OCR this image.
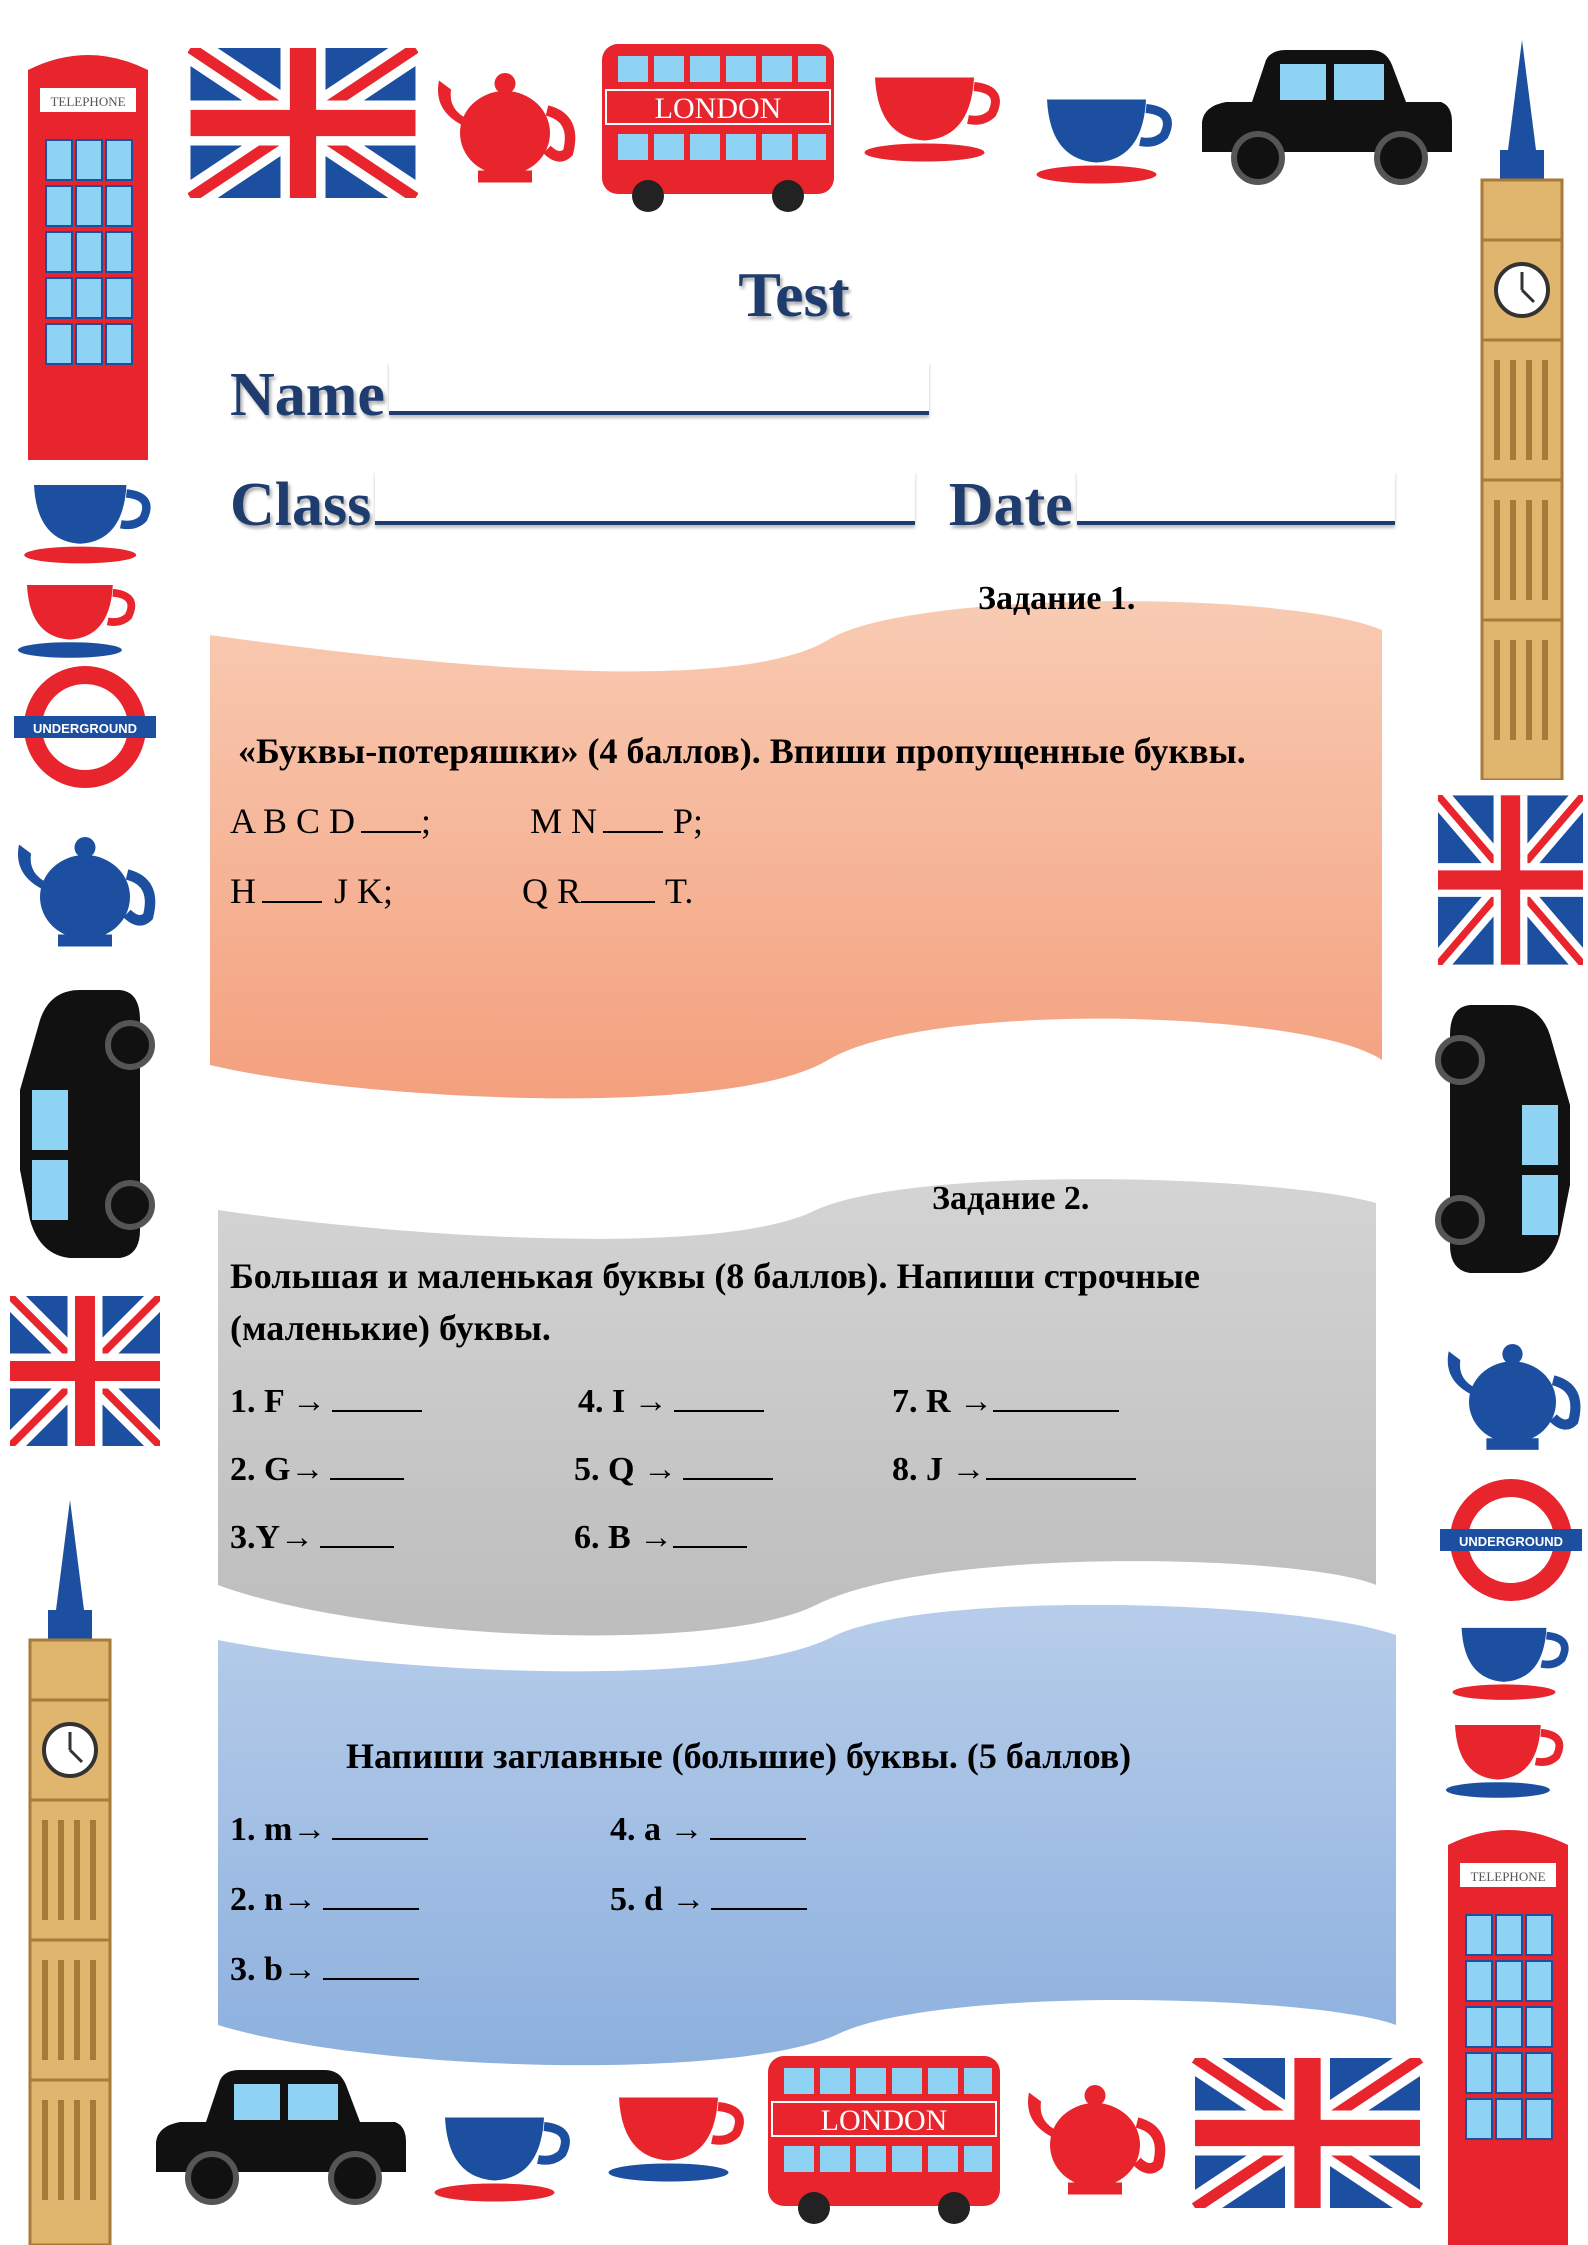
TELEPHONE	LONDON
UNDERGROUND
UNDERGROUND
TELEPHONE
LONDON
Test
Name
Class	Date
Задание 1.
«Буквы-потеряшки» (4 баллов). Впиши пропущенные буквы.
A B C D ;	M N P;
H J K;	Q R T.
Задание 2.
Большая и маленькая буквы (8 баллов). Напиши строчные
(маленькие) буквы.
1. F →	4. I →	7. R →
2. G→	5. Q →	8. J →
3.Y→	6. B →
Напиши заглавные (большие) буквы. (5 баллов)
1. m→	4. a →
2. n→	5. d →
3. b→
